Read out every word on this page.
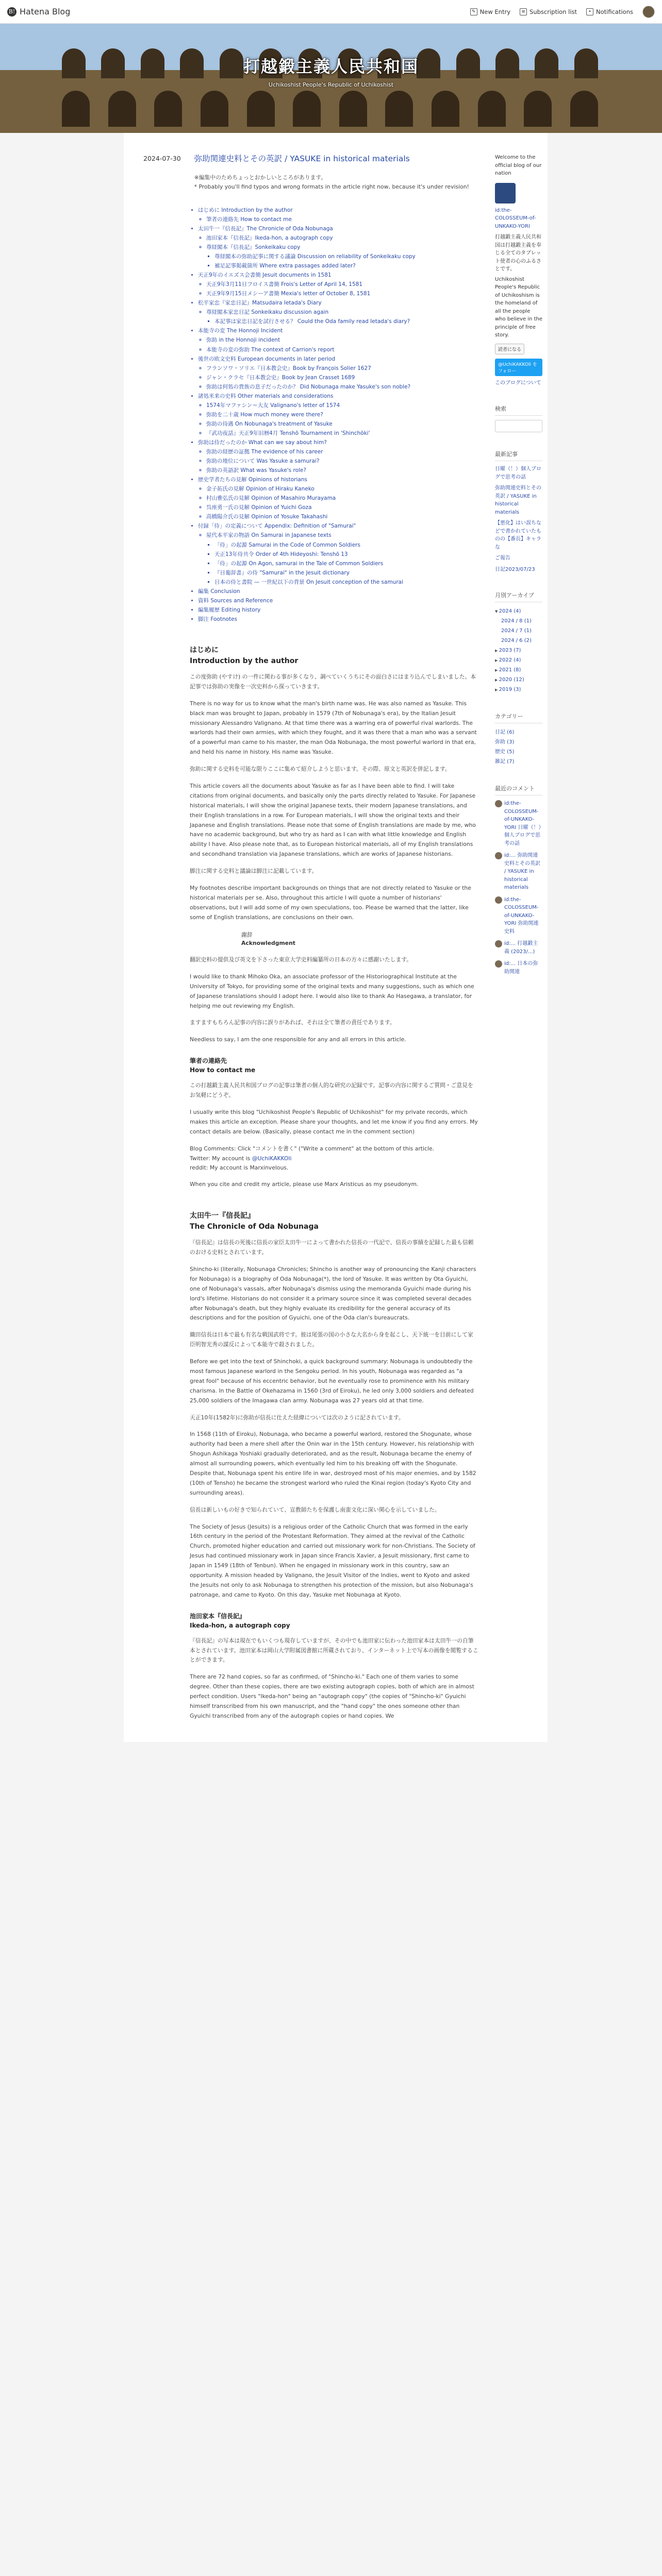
B! Hatena Blog	✎ New Entry	≡ Subscription list	• Notifications
打越鍛主義人民共和国
Uchikoshist People's Republic of Uchikoshist
2024-07-30 弥助関連史料とその英訳 / YASUKE in historical materials
※編集中のためちょっとおかしいところがあります。
* Probably you'll find typos and wrong formats in the article right now, because it's under revision!
• はじめに Introduction by the author
◦ 筆者の連絡先 How to contact me
• 太田牛一『信長記』The Chronicle of Oda Nobunaga
◦ 池田家本『信長記』Ikeda-hon, a autograph copy
◦ 尊経閣本『信長記』Sonkeikaku copy
▪ 尊経閣本の弥助記事に関する議論 Discussion on reliability of Sonkeikaku copy
▪ 補足記事掲載箇所 Where extra passages added later?
• 天正9年のイエズス会書簡 Jesuit documents in 1581
◦ 天正9年3月11日フロイス書簡 Frois's Letter of April 14, 1581
◦ 天正9年9月15日メシーア書簡 Mexia's letter of October 8, 1581
• 松平家忠『家忠日記』Matsudaira Ietada's Diary
◦ 尊経閣本家忠日記 Sonkeikaku discussion again
▪ 本記事は家忠日記を試行させる？ Could the Oda family read Ietada's diary?
• 本能寺の変 The Honnoji Incident
◦ 弥助 in the Honnoji incident
◦ 本能寺の変の弥助 The context of Carrion's report
• 後世の欧文史料 European documents in later period
◦ フランソワ・ソリエ『日本教会史』Book by François Solier 1627
◦ ジャン・クラセ『日本教会史』Book by Jean Crasset 1689
◦ 弥助は何処の貴族の息子だったのか？ Did Nobunaga make Yasuke's son noble?
• 諸処米来の史料 Other materials and considerations
◦ 1574年マファシン＝大友 Valignano's letter of 1574
◦ 弥助を二十歳 How much money were there?
◦ 弥助の待遇 On Nobunaga's treatment of Yasuke
◦ 『武功夜話』天正9年旧暦4月 Tenshō Tournament in 'Shinchōki'
• 弥助は侍だったのか What can we say about him?
◦ 弥助の経歴の証拠 The evidence of his career
◦ 弥助の地位について Was Yasuke a samurai?
◦ 弥助の英語訳 What was Yasuke's role?
• 歴史学者たちの見解 Opinions of historians
◦ 金子拓氏の見解 Opinion of Hiraku Kaneko
◦ 村山雅弘氏の見解 Opinion of Masahiro Murayama
◦ 呉座勇一氏の見解 Opinion of Yuichi Goza
◦ 高橋陽介氏の見解 Opinion of Yosuke Takahashi
• 付録「侍」の定義について Appendix: Definition of "Samurai"
◦ 屋代本平家の物語 On Samurai in Japanese texts
▪ 「侍」の起源 Samurai in the Code of Common Soldiers
▪ 天正13年侍共令 Order of 4th Hideyoshi: Tenshō 13
▪ 「侍」の起源 On Agon, samurai in the Tale of Common Soldiers
▪ 『日葡辞書』の侍 "Samurai" in the Jesuit dictionary
▪ 日本の侍と書院 — 一世紀以下の背景 On Jesuit conception of the samurai
• 編集 Conclusion
• 資料 Sources and Reference
• 編集履歴 Editing history
• 脚注 Footnotes
はじめに
Introduction by the author
この度弥助 (やすけ) の一件に関わる事が多くなり、調べていくうちにその面白さにはまり込んでしまいました。本記事では弥助の実像を一次史料から探っていきます。
There is no way for us to know what the man's birth name was. He was also named as Yasuke. This black man was brought to Japan, probably in 1579 (7th of Nobunaga's era), by the Italian Jesuit missionary Alessandro Valignano. At that time there was a warring era of powerful rival warlords. The warlords had their own armies, with which they fought, and it was there that a man who was a servant of a powerful man came to his master, the man Oda Nobunaga, the most powerful warlord in that era, and held his name in history. His name was Yasuke.
弥助に関する史料を可能な限りここに集めて紹介しようと思います。その際、原文と英訳を併記します。
This article covers all the documents about Yasuke as far as I have been able to find. I will take citations from original documents, and basically only the parts directly related to Yasuke. For Japanese historical materials, I will show the original Japanese texts, their modern Japanese translations, and their English translations in a row. For European materials, I will show the original texts and their Japanese and English translations. Please note that some of English translations are made by me, who have no academic background, but who try as hard as I can with what little knowledge and English ability I have. Also please note that, as to European historical materials, all of my English translations and secondhand translation via Japanese translations, which are works of Japanese historians.
脚注に関する史料と議論は脚注に記載しています。
My footnotes describe important backgrounds on things that are not directly related to Yasuke or the historical materials per se. Also, throughout this article I will quote a number of historians' observations, but I will add some of my own speculations, too. Please be warned that the latter, like some of English translations, are conclusions on their own.
謝辞
Acknowledgment
翻訳史料の提供及び英文を下さった東京大学史料編纂所の日本の方々に感謝いたします。
I would like to thank Mihoko Oka, an associate professor of the Historiographical Institute at the University of Tokyo, for providing some of the original texts and many suggestions, such as which one of Japanese translations should I adopt here. I would also like to thank Ao Hasegawa, a translator, for helping me out reviewing my English.
ますますもちろん記事の内容に誤りがあれば、それは全て筆者の責任であります。
Needless to say, I am the one responsible for any and all errors in this article.
筆者の連絡先
How to contact me
この打越鍛主義人民共和国ブログの記事は筆者の個人的な研究の記録です。記事の内容に関するご質問・ご意見をお気軽にどうぞ。
I usually write this blog "Uchikoshist People's Republic of Uchikoshist" for my private records, which makes this article an exception. Please share your thoughts, and let me know if you find any errors. My contact details are below. (Basically, please contact me in the comment section)
Blog Comments: Click "コメントを書く" ("Write a comment" at the bottom of this article.
Twitter: My account is @UchiKAKKOli
reddit: My account is Marxinvelous.
When you cite and credit my article, please use Marx Aristicus as my pseudonym.
太田牛一『信長記』
The Chronicle of Oda Nobunaga
『信長記』は信長の死後に信長の家臣太田牛一によって書かれた信長の一代記で、信長の事績を記録した最も信頼のおける史料とされています。
Shincho-ki (literally, Nobunaga Chronicles; Shincho is another way of pronouncing the Kanji characters for Nobunaga) is a biography of Oda Nobunaga(*), the lord of Yasuke. It was written by Ota Gyuichi, one of Nobunaga's vassals, after Nobunaga's dismiss using the memoranda Gyuichi made during his lord's lifetime. Historians do not consider it a primary source since it was completed several decades after Nobunaga's death, but they highly evaluate its credibility for the general accuracy of its descriptions and for the position of Gyuichi, one of the Oda clan's bureaucrats.
織田信長は日本で最も有名な戦国武将です。彼は尾張の国の小さな大名から身を起こし、天下統一を目前にして家臣明智光秀の謀反によって本能寺で殺されました。
Before we get into the text of Shinchoki, a quick background summary: Nobunaga is undoubtedly the most famous Japanese warlord in the Sengoku period. In his youth, Nobunaga was regarded as "a great fool" because of his eccentric behavior, but he eventually rose to prominence with his military charisma. In the Battle of Okehazama in 1560 (3rd of Eiroku), he led only 3,000 soldiers and defeated 25,000 soldiers of the Imagawa clan army. Nobunaga was 27 years old at that time.
天正10年(1582年)に弥助が信長に仕えた経緯については次のように記されています。
In 1568 (11th of Eiroku), Nobunaga, who became a powerful warlord, restored the Shogunate, whose authority had been a mere shell after the Onin war in the 15th century. However, his relationship with Shogun Ashikaga Yoshiaki gradually deteriorated, and as the result, Nobunaga became the enemy of almost all surrounding powers, which eventually led him to his breaking off with the Shogunate. Despite that, Nobunaga spent his entire life in war, destroyed most of his major enemies, and by 1582 (10th of Tensho) he became the strongest warlord who ruled the Kinai region (today's Kyoto City and surrounding areas).
信長は新しいもの好きで知られていて、宣教師たちを保護し南蛮文化に深い関心を示していました。
The Society of Jesus (Jesuits) is a religious order of the Catholic Church that was formed in the early 16th century in the period of the Protestant Reformation. They aimed at the revival of the Catholic Church, promoted higher education and carried out missionary work for non-Christians. The Society of Jesus had continued missionary work in Japan since Francis Xavier, a Jesuit missionary, first came to Japan in 1549 (18th of Tenbun). When he engaged in missionary work in this country, saw an opportunity. A mission headed by Valignano, the Jesuit Visitor of the Indies, went to Kyoto and asked the Jesuits not only to ask Nobunaga to strengthen his protection of the mission, but also Nobunaga's patronage, and came to Kyoto. On this day, Yasuke met Nobunaga at Kyoto.
池田家本『信長記』
Ikeda-hon, a autograph copy
『信長記』の写本は現在でもいくつも現存していますが、その中でも池田家に伝わった池田家本は太田牛一の自筆本とされています。池田家本は岡山大学附属図書館に所蔵されており、インターネット上で写本の画像を閲覧することができます。
There are 72 hand copies, so far as confirmed, of "Shincho-ki." Each one of them varies to some degree. Other than these copies, there are two existing autograph copies, both of which are in almost perfect condition. Users "Ikeda-hon" being an "autograph copy" (the copies of "Shincho-ki" Gyuichi himself transcribed from his own manuscript, and the "hand copy" the ones someone other than Gyuichi transcribed from any of the autograph copies or hand copies. We
Welcome to the official blog of our nation
id:the-COLOSSEUM-of-UNKAKO-YORI
打越鍛主義人民共和国は打越鍛主義を奉じる全てのタブレット使者の心のふるさとです。
Uchikoshist People's Republic of Uchikoshism is the homeland of all the people who believe in the principle of free story.
読者になる @UchiKAKKOli をフォロー
このブログについて
検索
最新記事
日曜（！）個人ブログで思考の話
弥助関連史料とその英訳 / YASUKE in historical materials
【悪化】はい誤ちなどで書かれていたものの【番長】キャラな
ご報告
日記2023/07/23
月別アーカイブ
▼ 2024 (4)
2024 / 8 (1)
2024 / 7 (1)
2024 / 6 (2)
▶ 2023 (7)
▶ 2022 (4)
▶ 2021 (8)
▶ 2020 (12)
▶ 2019 (3)
カテゴリー
日記 (6)
弥助 (3)
歴史 (5)
雑記 (7)
最近のコメント
id:the-COLOSSEUM-of-UNKAKO-YORI 日曜（！）個人ブログで思考の話
id:... 弥助関連史料とその英訳 / YASUKE in historical materials
id:the-COLOSSEUM-of-UNKAKO-YORI 弥助関連史料
id:... 打越鍛主義 (2023/...)
id:... 日本の弥助関連
